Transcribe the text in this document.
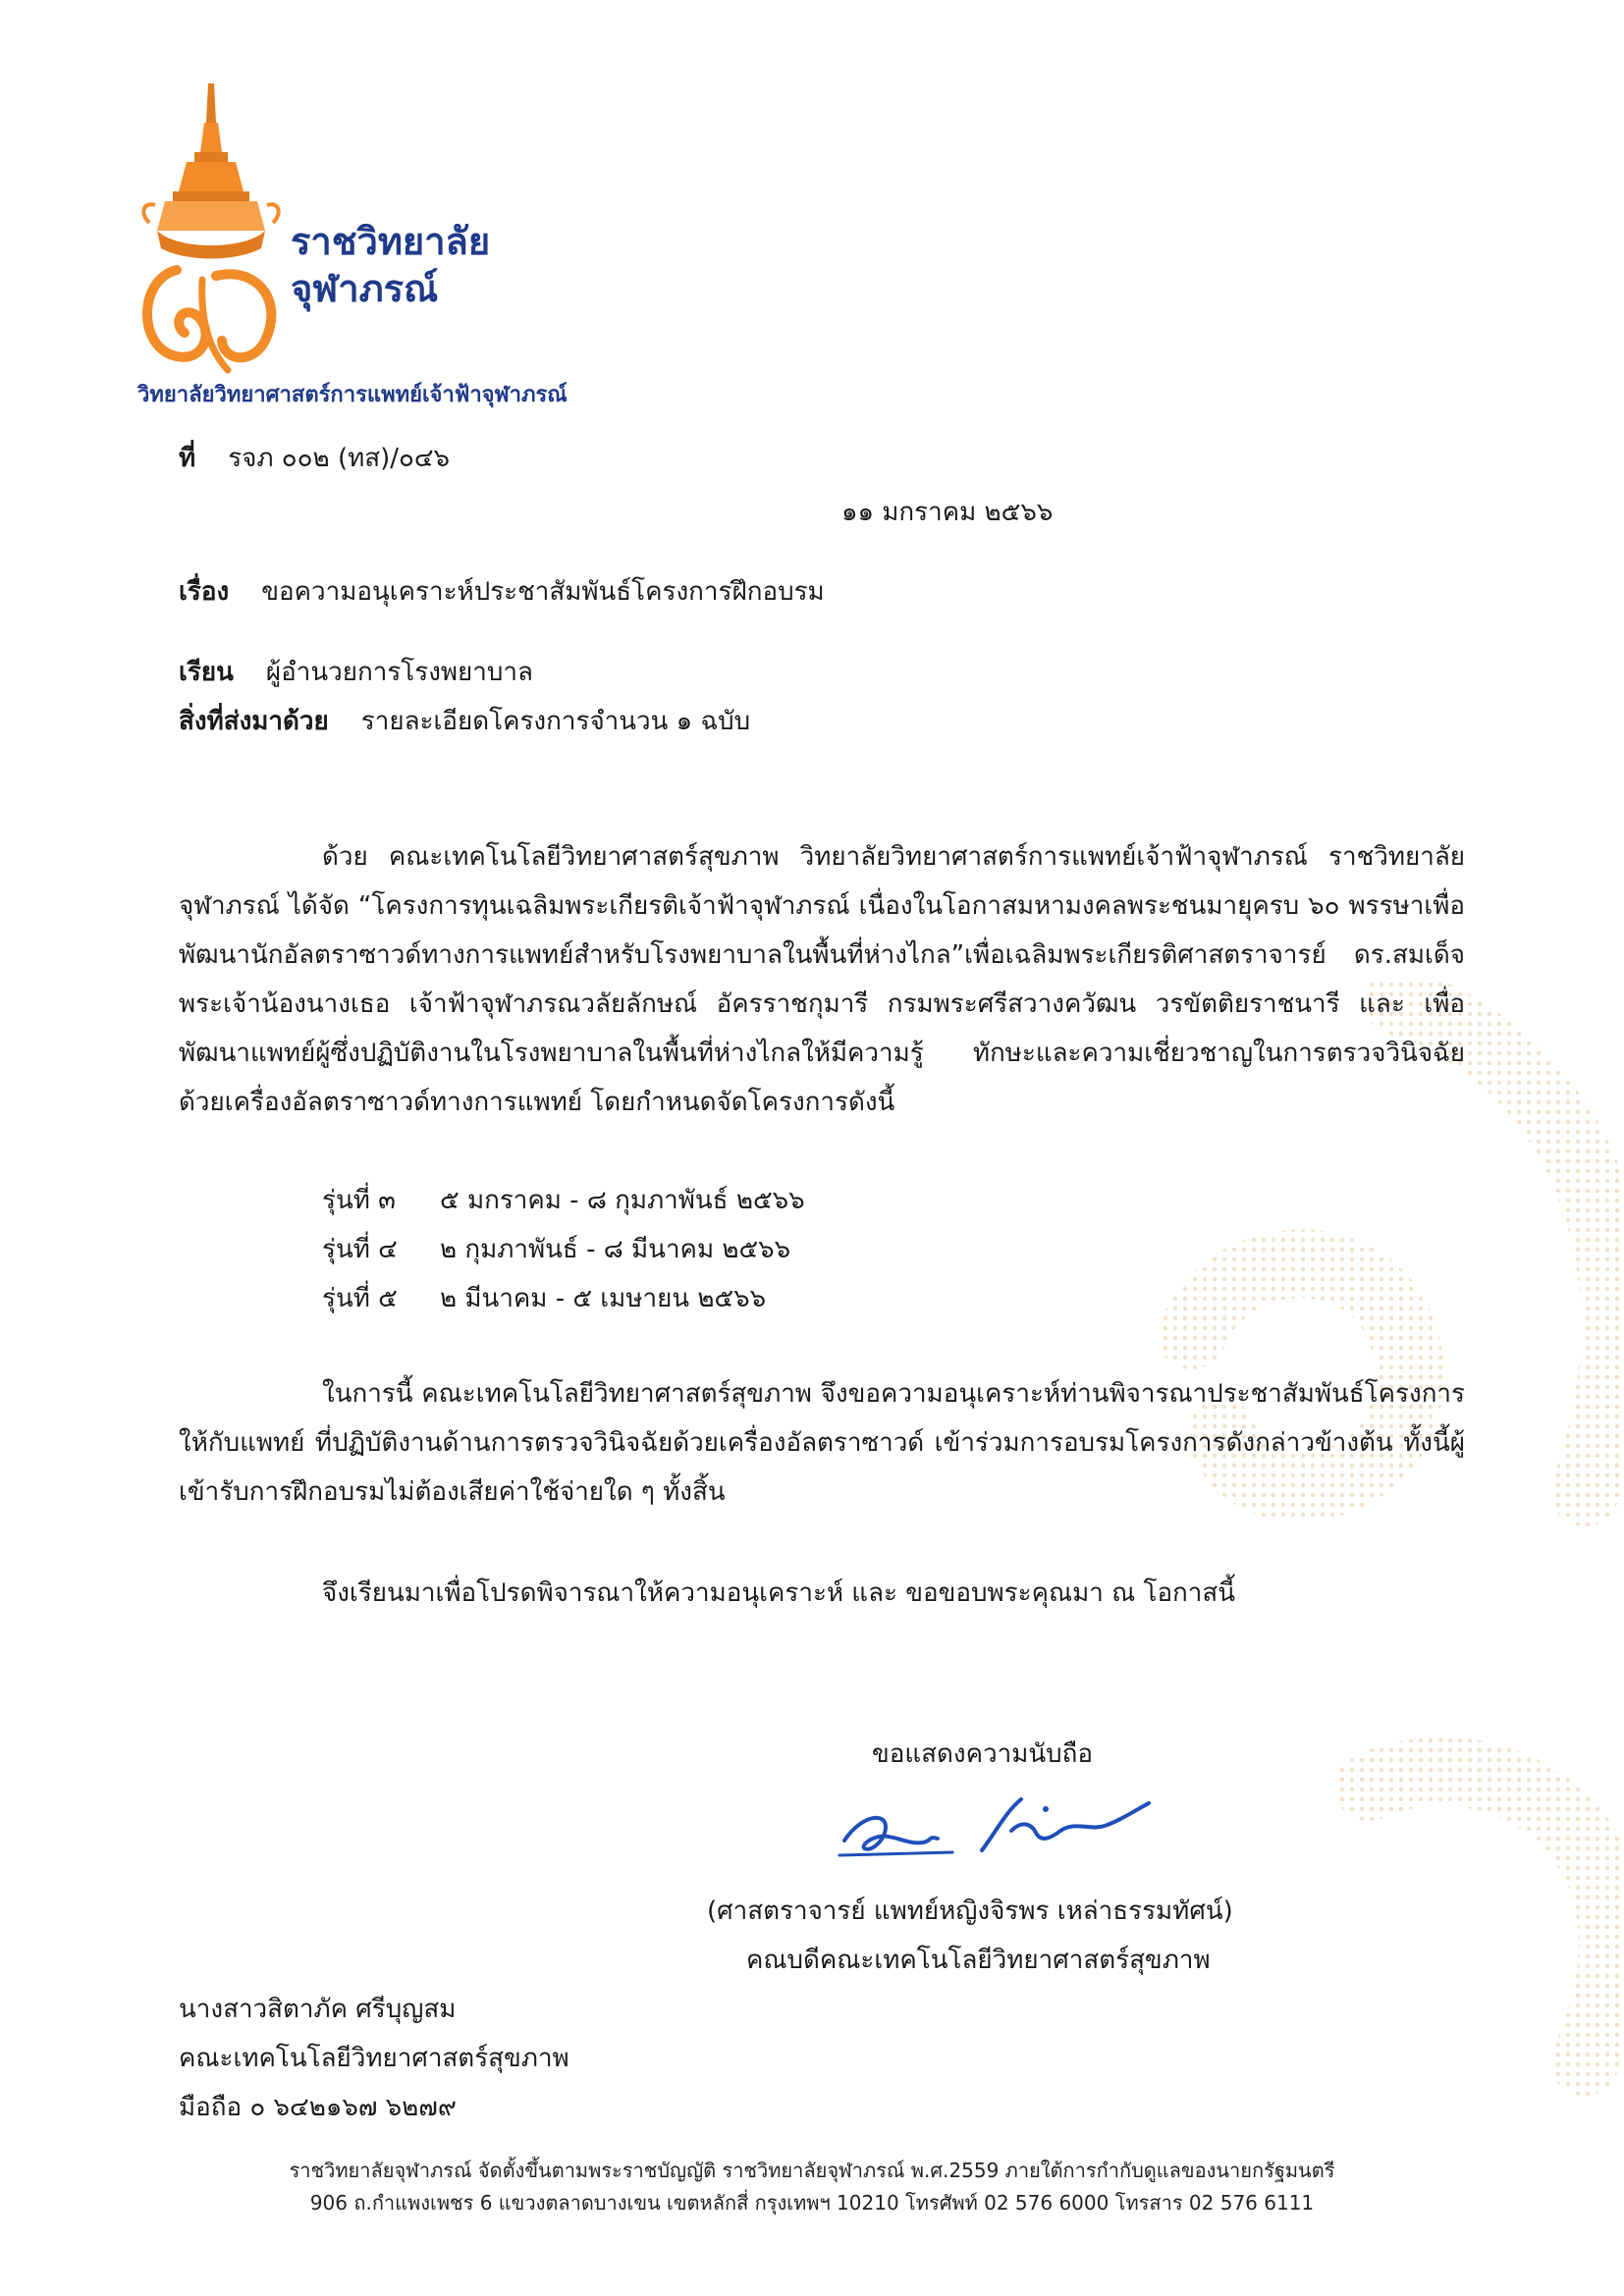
ราชวิทยาลัย
จุฬาภรณ์
วิทยาลัยวิทยาศาสตร์การแพทย์เจ้าฟ้าจุฬาภรณ์
ที่ รจภ ๐๐๒ (ทส)/๐๔๖
๑๑ มกราคม ๒๕๖๖
เรื่อง ขอความอนุเคราะห์ประชาสัมพันธ์โครงการฝึกอบรม
เรียน ผู้อำนวยการโรงพยาบาล
สิ่งที่ส่งมาด้วย รายละเอียดโครงการจำนวน ๑ ฉบับ
ด้วย คณะเทคโนโลยีวิทยาศาสตร์สุขภาพ วิทยาลัยวิทยาศาสตร์การแพทย์เจ้าฟ้าจุฬาภรณ์ ราชวิทยาลัยจุฬาภรณ์ ได้จัด “โครงการทุนเฉลิมพระเกียรติเจ้าฟ้าจุฬาภรณ์ เนื่องในโอกาสมหามงคลพระชนมายุครบ ๖๐ พรรษาเพื่อพัฒนานักอัลตราซาวด์ทางการแพทย์สำหรับโรงพยาบาลในพื้นที่ห่างไกล”เพื่อเฉลิมพระเกียรติศาสตราจารย์ ดร.สมเด็จพระเจ้าน้องนางเธอ เจ้าฟ้าจุฬาภรณวลัยลักษณ์ อัครราชกุมารี กรมพระศรีสวางควัฒน วรขัตติยราชนารี และ เพื่อพัฒนาแพทย์ผู้ซึ่งปฏิบัติงานในโรงพยาบาลในพื้นที่ห่างไกลให้มีความรู้ ทักษะและความเชี่ยวชาญในการตรวจวินิจฉัยด้วยเครื่องอัลตราซาวด์ทางการแพทย์ โดยกำหนดจัดโครงการดังนี้
รุ่นที่ ๓	๕ มกราคม - ๘ กุมภาพันธ์ ๒๕๖๖
รุ่นที่ ๔	๒ กุมภาพันธ์ - ๘ มีนาคม ๒๕๖๖
รุ่นที่ ๕	๒ มีนาคม - ๕ เมษายน ๒๕๖๖
ในการนี้ คณะเทคโนโลยีวิทยาศาสตร์สุขภาพ จึงขอความอนุเคราะห์ท่านพิจารณาประชาสัมพันธ์โครงการให้กับแพทย์ ที่ปฏิบัติงานด้านการตรวจวินิจฉัยด้วยเครื่องอัลตราซาวด์ เข้าร่วมการอบรมโครงการดังกล่าวข้างต้น ทั้งนี้ผู้เข้ารับการฝึกอบรมไม่ต้องเสียค่าใช้จ่ายใด ๆ ทั้งสิ้น
จึงเรียนมาเพื่อโปรดพิจารณาให้ความอนุเคราะห์ และ ขอขอบพระคุณมา ณ โอกาสนี้
ขอแสดงความนับถือ
(ศาสตราจารย์ แพทย์หญิงจิรพร เหล่าธรรมทัศน์)
คณบดีคณะเทคโนโลยีวิทยาศาสตร์สุขภาพ
นางสาวสิตาภัค ศรีบุญสม
คณะเทคโนโลยีวิทยาศาสตร์สุขภาพ
มือถือ ๐ ๖๔๒๑๖๗ ๖๒๗๙
ราชวิทยาลัยจุฬาภรณ์ จัดตั้งขึ้นตามพระราชบัญญัติ ราชวิทยาลัยจุฬาภรณ์ พ.ศ.2559 ภายใต้การกำกับดูแลของนายกรัฐมนตรี
906 ถ.กำแพงเพชร 6 แขวงตลาดบางเขน เขตหลักสี่ กรุงเทพฯ 10210 โทรศัพท์ 02 576 6000 โทรสาร 02 576 6111
